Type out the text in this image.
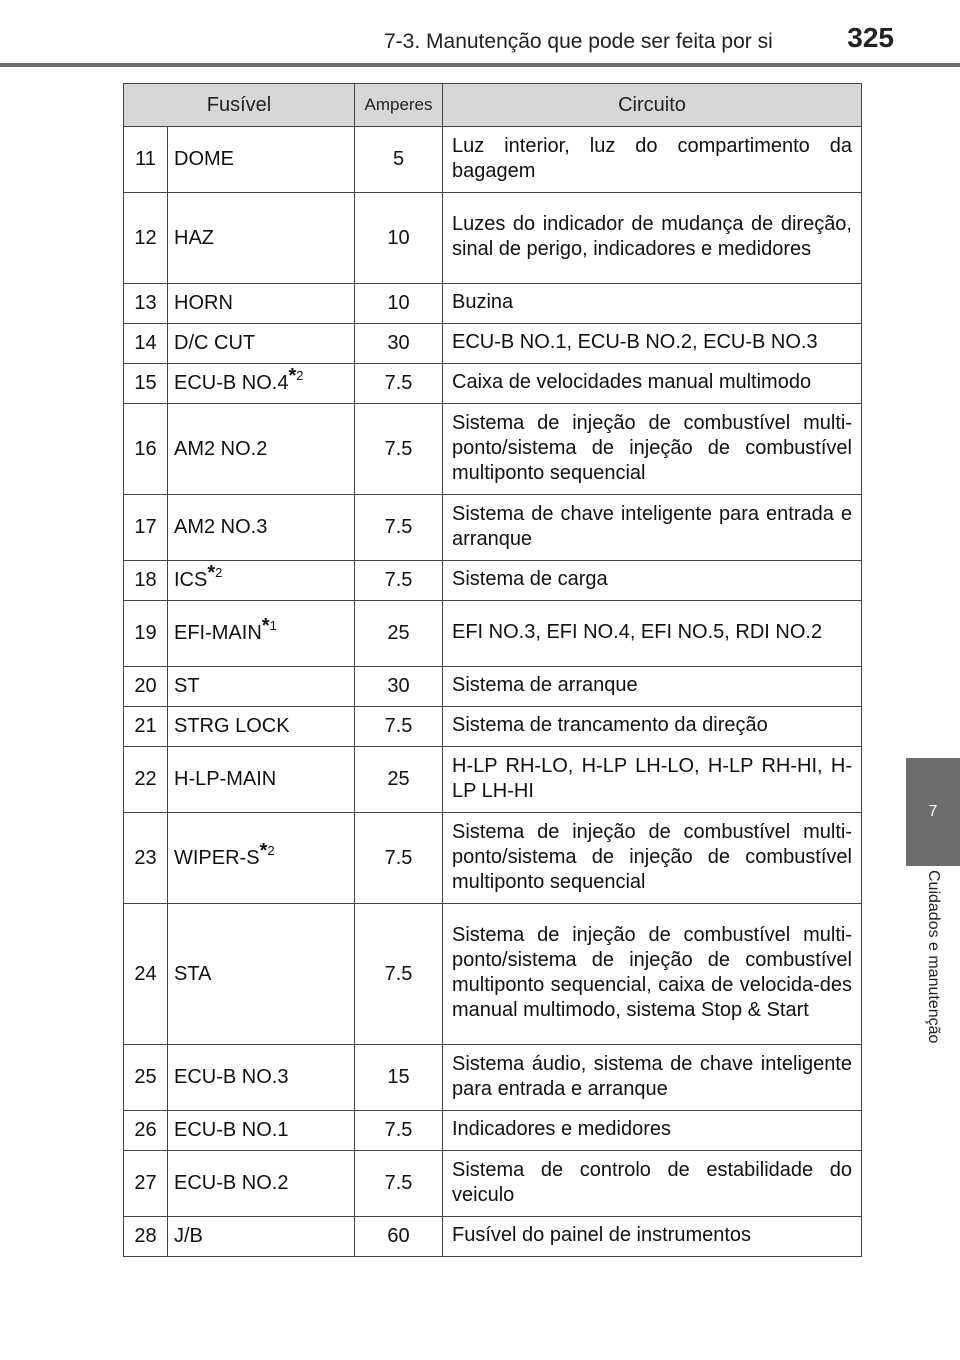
7-3. Manutenção que pode ser feita por si	325
Fusível		Amperes	Circuito
11	DOME	5	Luz interior, luz do compartimento da bagagem
12	HAZ	10	Luzes do indicador de mudança de direção, sinal de perigo, indicadores e medidores
13	HORN	10	Buzina
14	D/C CUT	30	ECU-B NO.1, ECU-B NO.2, ECU-B NO.3
15	ECU-B NO.4$^{*2}$	7.5	Caixa de velocidades manual multimodo
16	AM2 NO.2	7.5	Sistema de injeção de combustível multi-ponto/sistema de injeção de combustível multiponto sequencial
17	AM2 NO.3	7.5	Sistema de chave inteligente para entrada e arranque
18	ICS$^{*2}$	7.5	Sistema de carga
19	EFI-MAIN$^{*1}$	25	EFI NO.3, EFI NO.4, EFI NO.5, RDI NO.2
20	ST	30	Sistema de arranque
21	STRG LOCK	7.5	Sistema de trancamento da direção
22	H-LP-MAIN	25	H-LP RH-LO, H-LP LH-LO, H-LP RH-HI, H-LP LH-HI
23	WIPER-$S^{*2}$	7.5	Sistema de injeção de combustível multi-ponto/sistema de injeção de combustível multiponto sequencial
24	STA	7.5	Sistema de injeção de combustível multi-ponto/sistema de injeção de combustível multiponto sequencial, caixa de velocida-des manual multimodo, sistema Stop & Start
25	ECU-B NO.3	15	Sistema áudio, sistema de chave inteligente para entrada e arranque
26	ECU-B NO.1	7.5	Indicadores e medidores
27	ECU-B NO.2	7.5	Sistema de controlo de estabilidade do veiculo
28	J/B	60	Fusível do painel de instrumentos
7
Cuidados e manutenção
